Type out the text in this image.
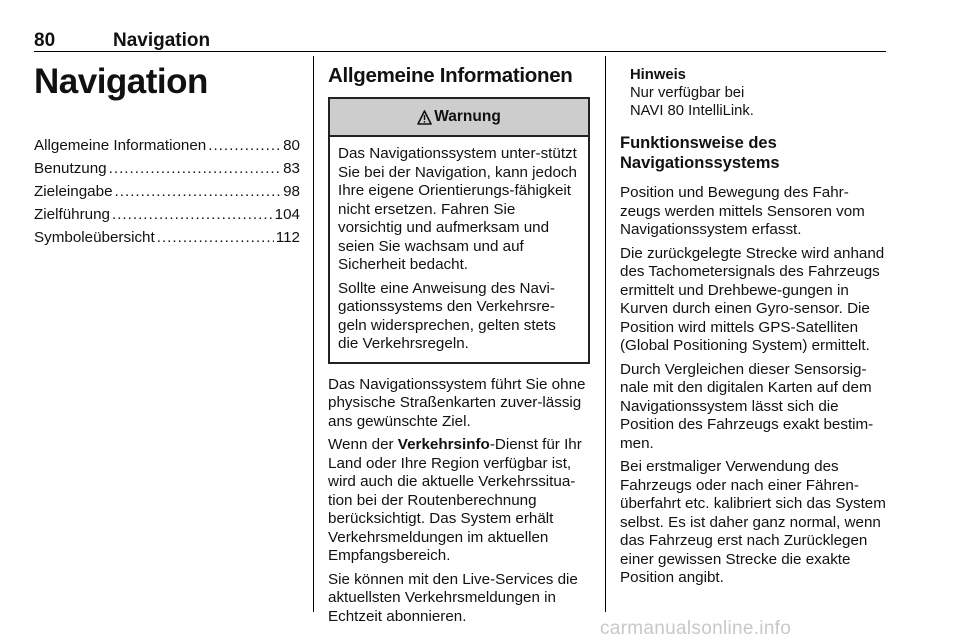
80	Navigation
Navigation
Allgemeine Informationen .....	80
Benutzung .....	83
Zieleingabe .....	98
Zielführung .....	104
Symboleübersicht .....	112
Allgemeine Informationen
Warnung

Das Navigationssystem unter-stützt Sie bei der Navigation, kann jedoch Ihre eigene Orientierungs-fähigkeit nicht ersetzen. Fahren Sie vorsichtig und aufmerksam und seien Sie wachsam und auf Sicherheit bedacht.

Sollte eine Anweisung des Navi-gationssystems den Verkehrsre-geln widersprechen, gelten stets die Verkehrsregeln.

Das Navigationssystem führt Sie ohne physische Straßenkarten zuver-lässig ans gewünschte Ziel.

Wenn der Verkehrsinfo-Dienst für Ihr Land oder Ihre Region verfügbar ist, wird auch die aktuelle Verkehrssitua-tion bei der Routenberechnung berücksichtigt. Das System erhält Verkehrsmeldungen im aktuellen Empfangsbereich.

Sie können mit den Live-Services die aktuellsten Verkehrsmeldungen in Echtzeit abonnieren.

Hinweis
Nur verfügbar bei
NAVI 80 IntelliLink.
Funktionsweise des
Navigationssystems

Position und Bewegung des Fahr-zeugs werden mittels Sensoren vom Navigationssystem erfasst.

Die zurückgelegte Strecke wird anhand des Tachometersignals des Fahrzeugs ermittelt und Drehbewe-gungen in Kurven durch einen Gyro-sensor. Die Position wird mittels GPS-Satelliten (Global Positioning System) ermittelt.

Durch Vergleichen dieser Sensorsig-nale mit den digitalen Karten auf dem Navigationssystem lässt sich die Position des Fahrzeugs exakt bestim-men.

Bei erstmaliger Verwendung des Fahrzeugs oder nach einer Fähren-überfahrt etc. kalibriert sich das System selbst. Es ist daher ganz normal, wenn das Fahrzeug erst nach Zurücklegen einer gewissen Strecke die exakte Position angibt.

carmanualsonline.info
